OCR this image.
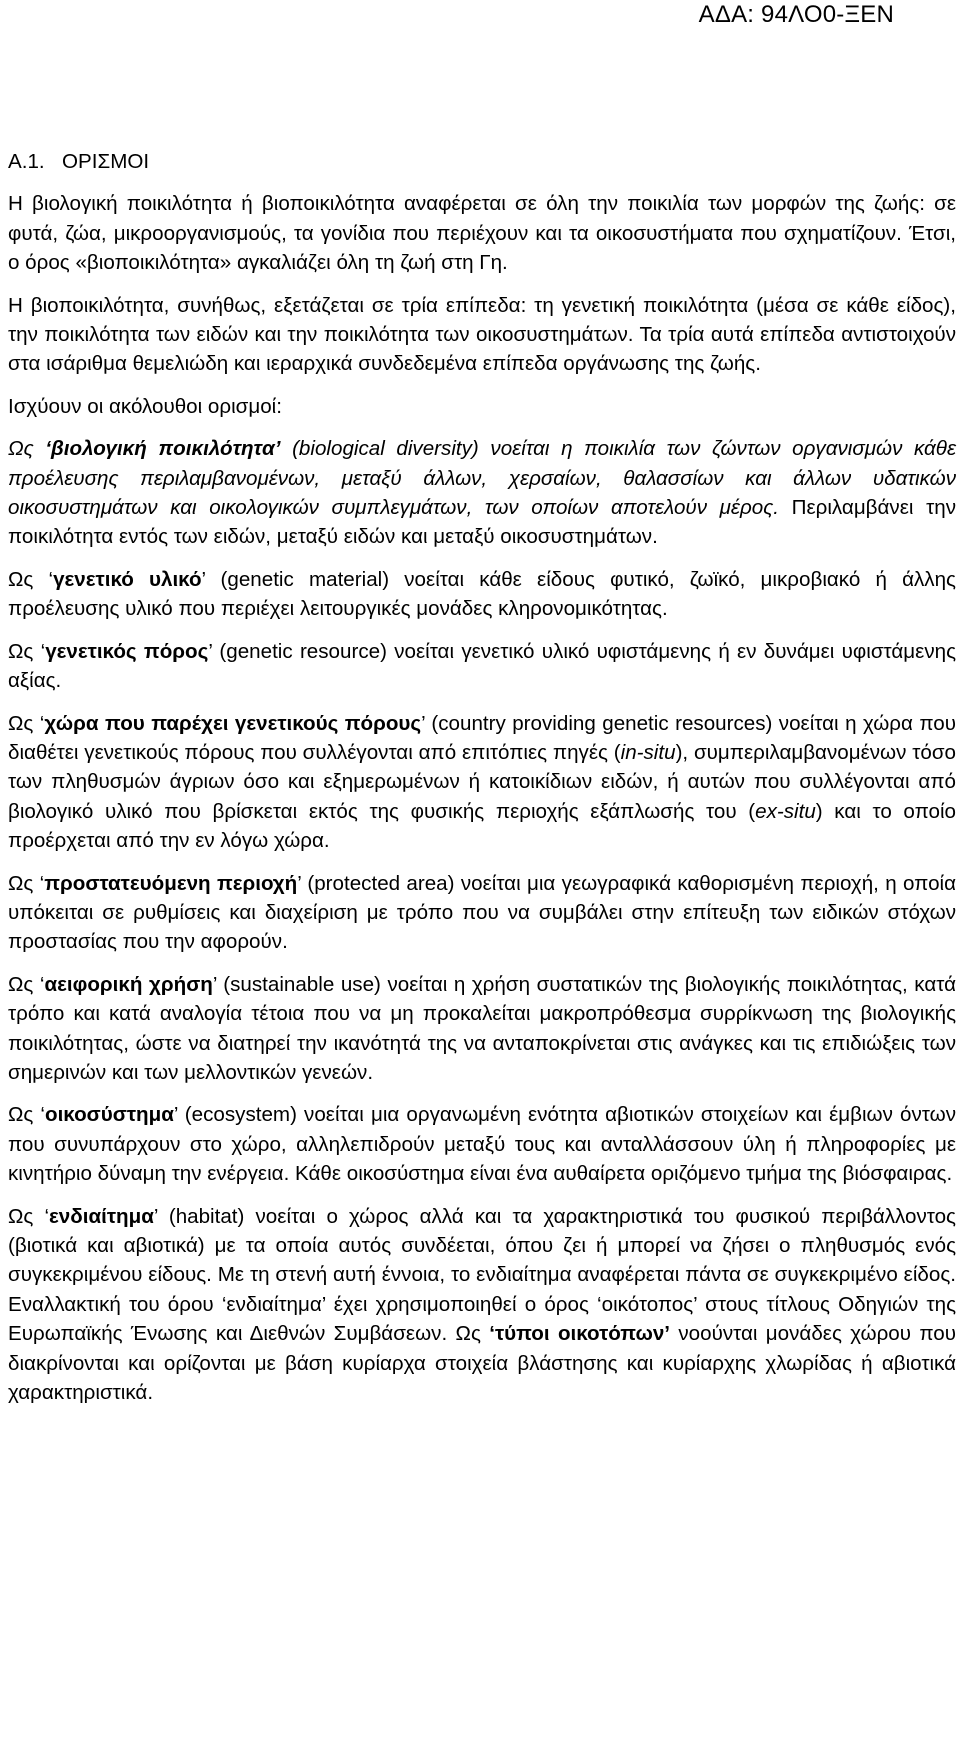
ΑΔΑ: 94ΛΟ0-ΞΕΝ
Α.1. ΟΡΙΣΜΟΙ

Η βιολογική ποικιλότητα ή βιοποικιλότητα αναφέρεται σε όλη την ποικιλία των μορφών της ζωής: σε φυτά, ζώα, μικροοργανισμούς, τα γονίδια που περιέχουν και τα οικοσυστήματα που σχηματίζουν. Έτσι, ο όρος «βιοποικιλότητα» αγκαλιάζει όλη τη ζωή στη Γη.

Η βιοποικιλότητα, συνήθως, εξετάζεται σε τρία επίπεδα: τη γενετική ποικιλότητα (μέσα σε κάθε είδος), την ποικιλότητα των ειδών και την ποικιλότητα των οικοσυστημάτων. Τα τρία αυτά επίπεδα αντιστοιχούν στα ισάριθμα θεμελιώδη και ιεραρχικά συνδεδεμένα επίπεδα οργάνωσης της ζωής.

Ισχύουν οι ακόλουθοι ορισμοί:

Ως ‘βιολογική ποικιλότητα’ (biological diversity) νοείται η ποικιλία των ζώντων οργανισμών κάθε προέλευσης περιλαμβανομένων, μεταξύ άλλων, χερσαίων, θαλασσίων και άλλων υδατικών οικοσυστημάτων και οικολογικών συμπλεγμάτων, των οποίων αποτελούν μέρος. Περιλαμβάνει την ποικιλότητα εντός των ειδών, μεταξύ ειδών και μεταξύ οικοσυστημάτων.

Ως ‘γενετικό υλικό’ (genetic material) νοείται κάθε είδους φυτικό, ζωϊκό, μικροβιακό ή άλλης προέλευσης υλικό που περιέχει λειτουργικές μονάδες κληρονομικότητας.

Ως ‘γενετικός πόρος’ (genetic resource) νοείται γενετικό υλικό υφιστάμενης ή εν δυνάμει υφιστάμενης αξίας.

Ως ‘χώρα που παρέχει γενετικούς πόρους’ (country providing genetic resources) νοείται η χώρα που διαθέτει γενετικούς πόρους που συλλέγονται από επιτόπιες πηγές (in-situ), συμπεριλαμβανομένων τόσο των πληθυσμών άγριων όσο και εξημερωμένων ή κατοικίδιων ειδών, ή αυτών που συλλέγονται από βιολογικό υλικό που βρίσκεται εκτός της φυσικής περιοχής εξάπλωσής του (ex-situ) και το οποίο προέρχεται από την εν λόγω χώρα.

Ως ‘προστατευόμενη περιοχή’ (protected area) νοείται μια γεωγραφικά καθορισμένη περιοχή, η οποία υπόκειται σε ρυθμίσεις και διαχείριση με τρόπο που να συμβάλει στην επίτευξη των ειδικών στόχων προστασίας που την αφορούν.

Ως ‘αειφορική χρήση’ (sustainable use) νοείται η χρήση συστατικών της βιολογικής ποικιλότητας, κατά τρόπο και κατά αναλογία τέτοια που να μη προκαλείται μακροπρόθεσμα συρρίκνωση της βιολογικής ποικιλότητας, ώστε να διατηρεί την ικανότητά της να ανταποκρίνεται στις ανάγκες και τις επιδιώξεις των σημερινών και των μελλοντικών γενεών.

Ως ‘οικοσύστημα’ (ecosystem) νοείται μια οργανωμένη ενότητα αβιοτικών στοιχείων και έμβιων όντων που συνυπάρχουν στο χώρο, αλληλεπιδρούν μεταξύ τους και ανταλλάσσουν ύλη ή πληροφορίες με κινητήριο δύναμη την ενέργεια. Κάθε οικοσύστημα είναι ένα αυθαίρετα οριζόμενο τμήμα της βιόσφαιρας.

Ως ‘ενδιαίτημα’ (habitat) νοείται ο χώρος αλλά και τα χαρακτηριστικά του φυσικού περιβάλλοντος (βιοτικά και αβιοτικά) με τα οποία αυτός συνδέεται, όπου ζει ή μπορεί να ζήσει ο πληθυσμός ενός συγκεκριμένου είδους. Με τη στενή αυτή έννοια, το ενδιαίτημα αναφέρεται πάντα σε συγκεκριμένο είδος. Εναλλακτική του όρου ‘ενδιαίτημα’ έχει χρησιμοποιηθεί ο όρος ‘οικότοπος’ στους τίτλους Οδηγιών της Ευρωπαϊκής Ένωσης και Διεθνών Συμβάσεων. Ως ‘τύποι οικοτόπων’ νοούνται μονάδες χώρου που διακρίνονται και ορίζονται με βάση κυρίαρχα στοιχεία βλάστησης και κυρίαρχης χλωρίδας ή αβιοτικά χαρακτηριστικά.
